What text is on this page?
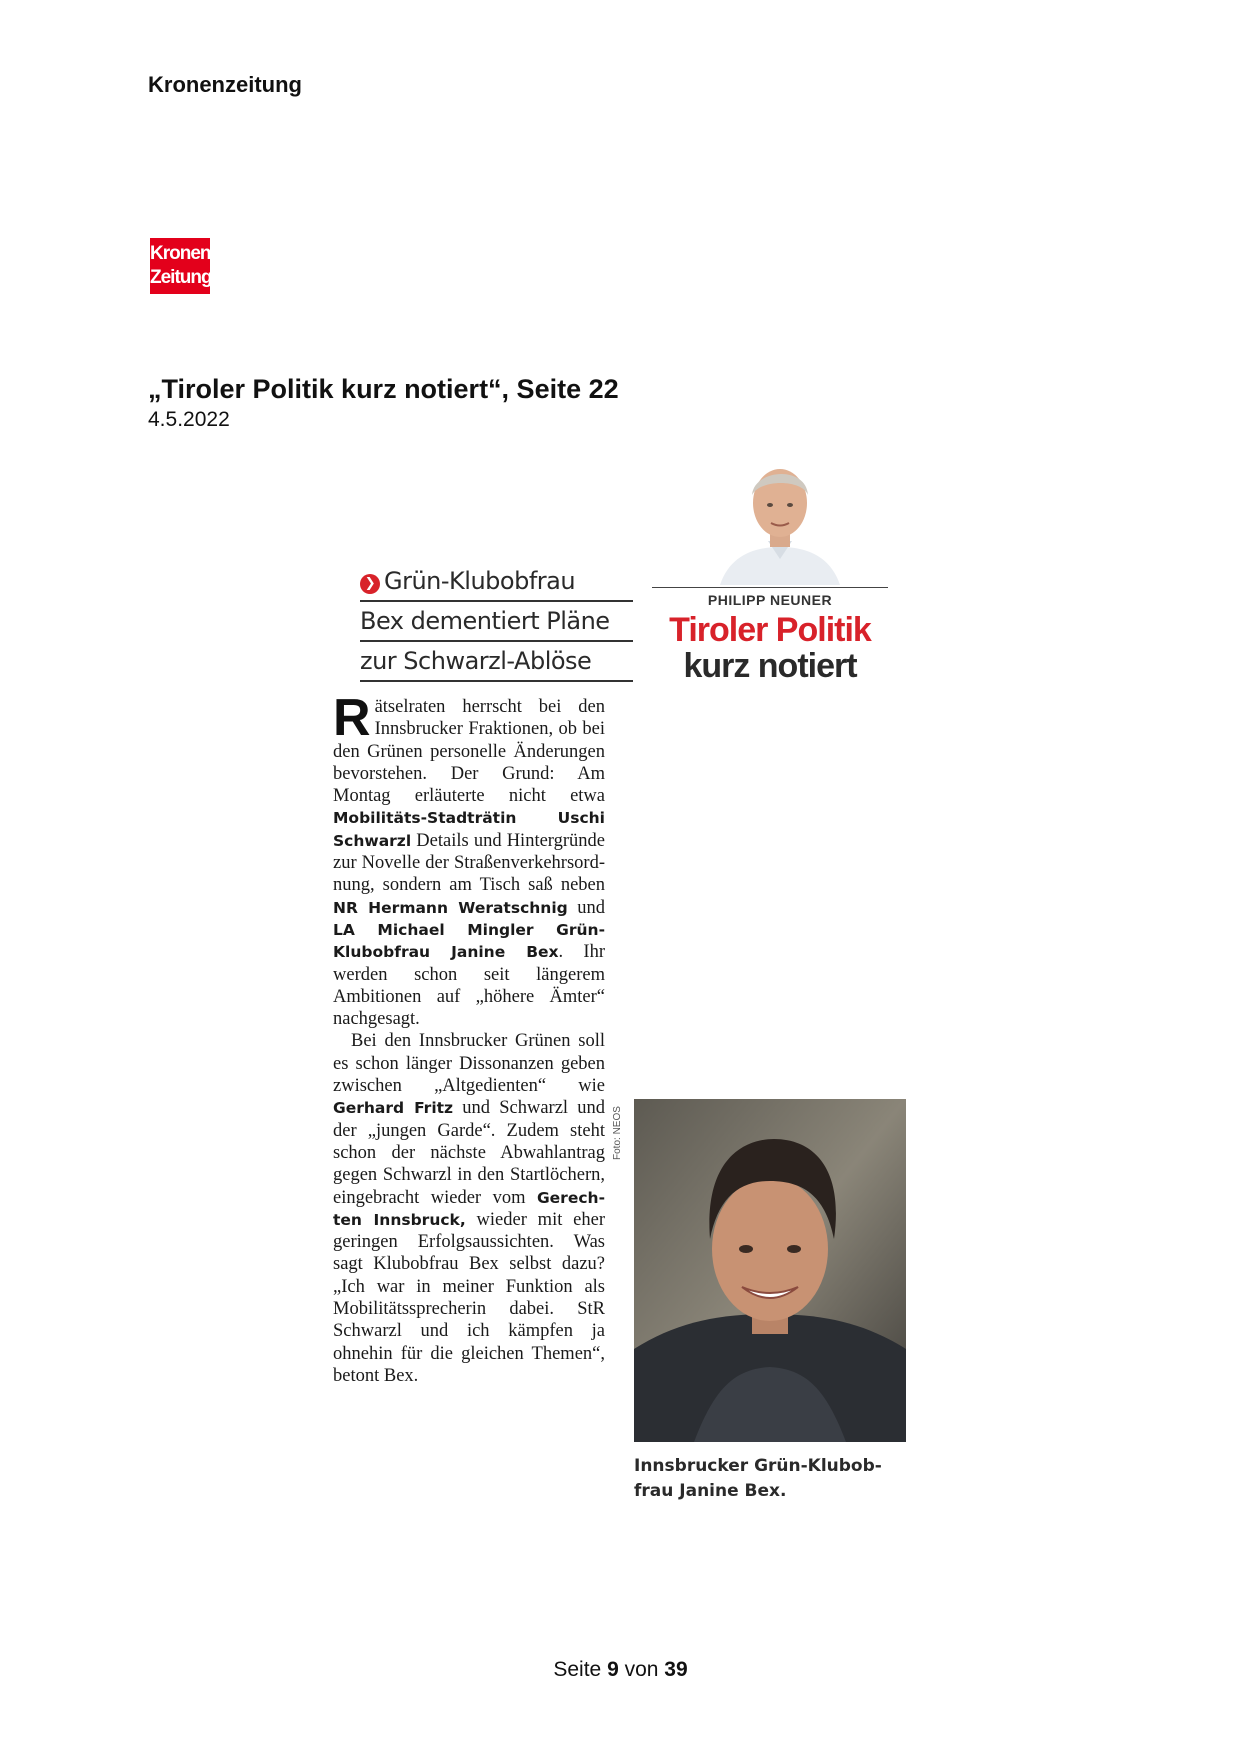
Kronenzeitung
Kronen
Zeitung
„Tiroler Politik kurz notiert“, Seite 22
4.5.2022
❯ Grün-Klubobfrau
Bex dementiert Pläne
zur Schwarzl-Ablöse
PHILIPP NEUNER
Tiroler Politik
kurz notiert

Rätselraten herrscht bei den Innsbrucker Fraktionen, ob bei den Grünen personelle Änderungen bevorstehen. Der Grund: Am Montag erläuterte nicht etwa Mobilitäts-Stadträtin Uschi Schwarzl Details und Hintergründe zur Novelle der Straßenverkehrsordnung, sondern am Tisch saß neben NR Hermann Weratschnig und LA Michael Mingler Grün-Klubobfrau Janine Bex. Ihr werden schon seit längerem Ambitionen auf „höhere Ämter“ nachgesagt.

Bei den Innsbrucker Grünen soll es schon länger Dissonanzen geben zwischen „Altgedienten“ wie Gerhard Fritz und Schwarzl und der „jungen Garde“. Zudem steht schon der nächste Abwahlantrag gegen Schwarzl in den Startlöchern, eingebracht wieder vom Gerechten Innsbruck, wieder mit eher geringen Erfolgsaussichten. Was sagt Klubobfrau Bex selbst dazu? „Ich war in meiner Funktion als Mobilitätssprecherin dabei. StR Schwarzl und ich kämpfen ja ohnehin für die gleichen Themen“, betont Bex.

Foto: NEOS
Innsbrucker Grün-Klubobfrau Janine Bex.
Seite 9 von 39
